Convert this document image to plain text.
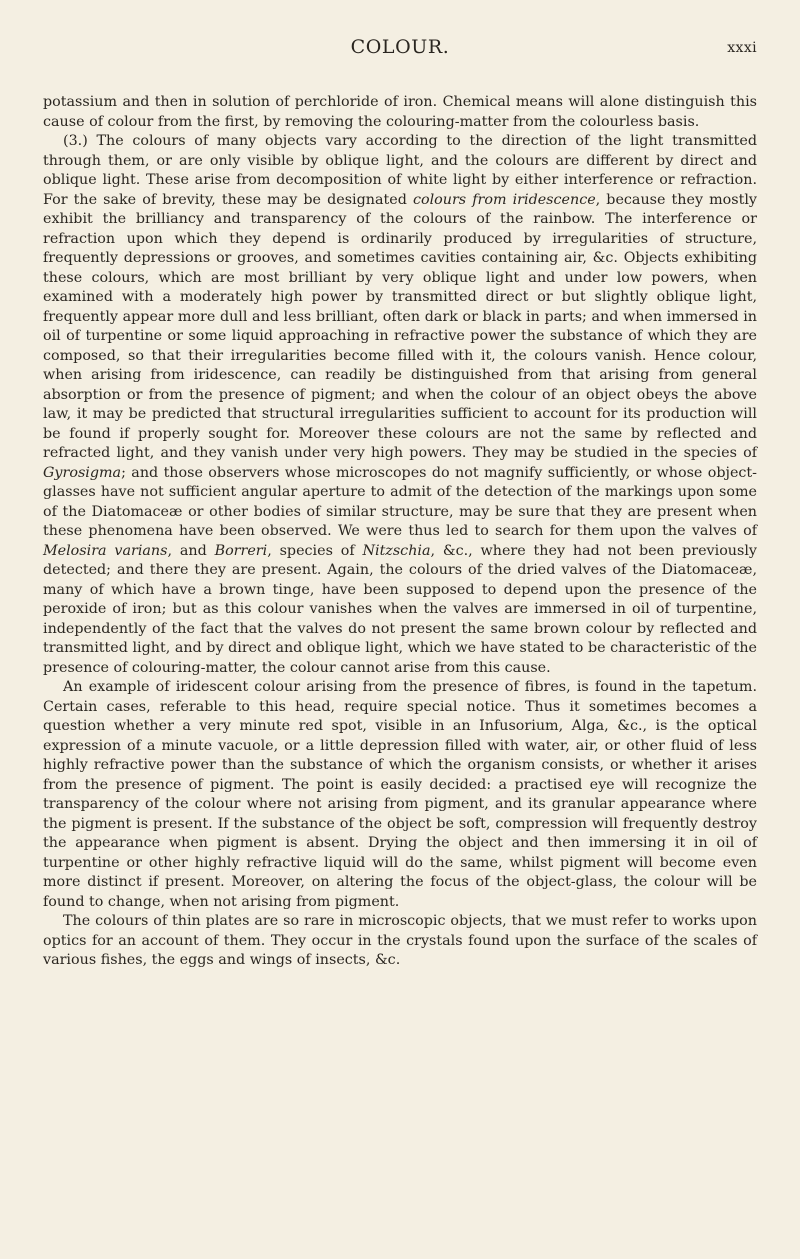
COLOUR.	xxxi

potassium and then in solution of perchloride of iron. Chemical means will alone distinguish this cause of colour from the first, by removing the colouring-matter from the colourless basis.

(3.) The colours of many objects vary according to the direction of the light transmitted through them, or are only visible by oblique light, and the colours are different by direct and oblique light. These arise from decomposition of white light by either interference or refraction. For the sake of brevity, these may be designated colours from iridescence, because they mostly exhibit the brilliancy and transparency of the colours of the rainbow. The interference or refraction upon which they depend is ordinarily produced by irregularities of structure, frequently depressions or grooves, and sometimes cavities containing air, &c. Objects exhibiting these colours, which are most brilliant by very oblique light and under low powers, when examined with a moderately high power by transmitted direct or but slightly oblique light, frequently appear more dull and less brilliant, often dark or black in parts; and when immersed in oil of turpentine or some liquid approaching in refractive power the substance of which they are composed, so that their irregularities become filled with it, the colours vanish. Hence colour, when arising from iridescence, can readily be distinguished from that arising from general absorption or from the presence of pigment; and when the colour of an object obeys the above law, it may be predicted that structural irregularities sufficient to account for its production will be found if properly sought for. Moreover these colours are not the same by reflected and refracted light, and they vanish under very high powers. They may be studied in the species of Gyrosigma; and those observers whose microscopes do not magnify sufficiently, or whose object-glasses have not sufficient angular aperture to admit of the detection of the markings upon some of the Diatomaceæ or other bodies of similar structure, may be sure that they are present when these phenomena have been observed. We were thus led to search for them upon the valves of Melosira varians, and Borreri, species of Nitzschia, &c., where they had not been previously detected; and there they are present. Again, the colours of the dried valves of the Diatomaceæ, many of which have a brown tinge, have been supposed to depend upon the presence of the peroxide of iron; but as this colour vanishes when the valves are immersed in oil of turpentine, independently of the fact that the valves do not present the same brown colour by reflected and transmitted light, and by direct and oblique light, which we have stated to be characteristic of the presence of colouring-matter, the colour cannot arise from this cause.

An example of iridescent colour arising from the presence of fibres, is found in the tapetum. Certain cases, referable to this head, require special notice. Thus it sometimes becomes a question whether a very minute red spot, visible in an Infusorium, Alga, &c., is the optical expression of a minute vacuole, or a little depression filled with water, air, or other fluid of less highly refractive power than the substance of which the organism consists, or whether it arises from the presence of pigment. The point is easily decided: a practised eye will recognize the transparency of the colour where not arising from pigment, and its granular appearance where the pigment is present. If the substance of the object be soft, compression will frequently destroy the appearance when pigment is absent. Drying the object and then immersing it in oil of turpentine or other highly refractive liquid will do the same, whilst pigment will become even more distinct if present. Moreover, on altering the focus of the object-glass, the colour will be found to change, when not arising from pigment.

The colours of thin plates are so rare in microscopic objects, that we must refer to works upon optics for an account of them. They occur in the crystals found upon the surface of the scales of various fishes, the eggs and wings of insects, &c.
